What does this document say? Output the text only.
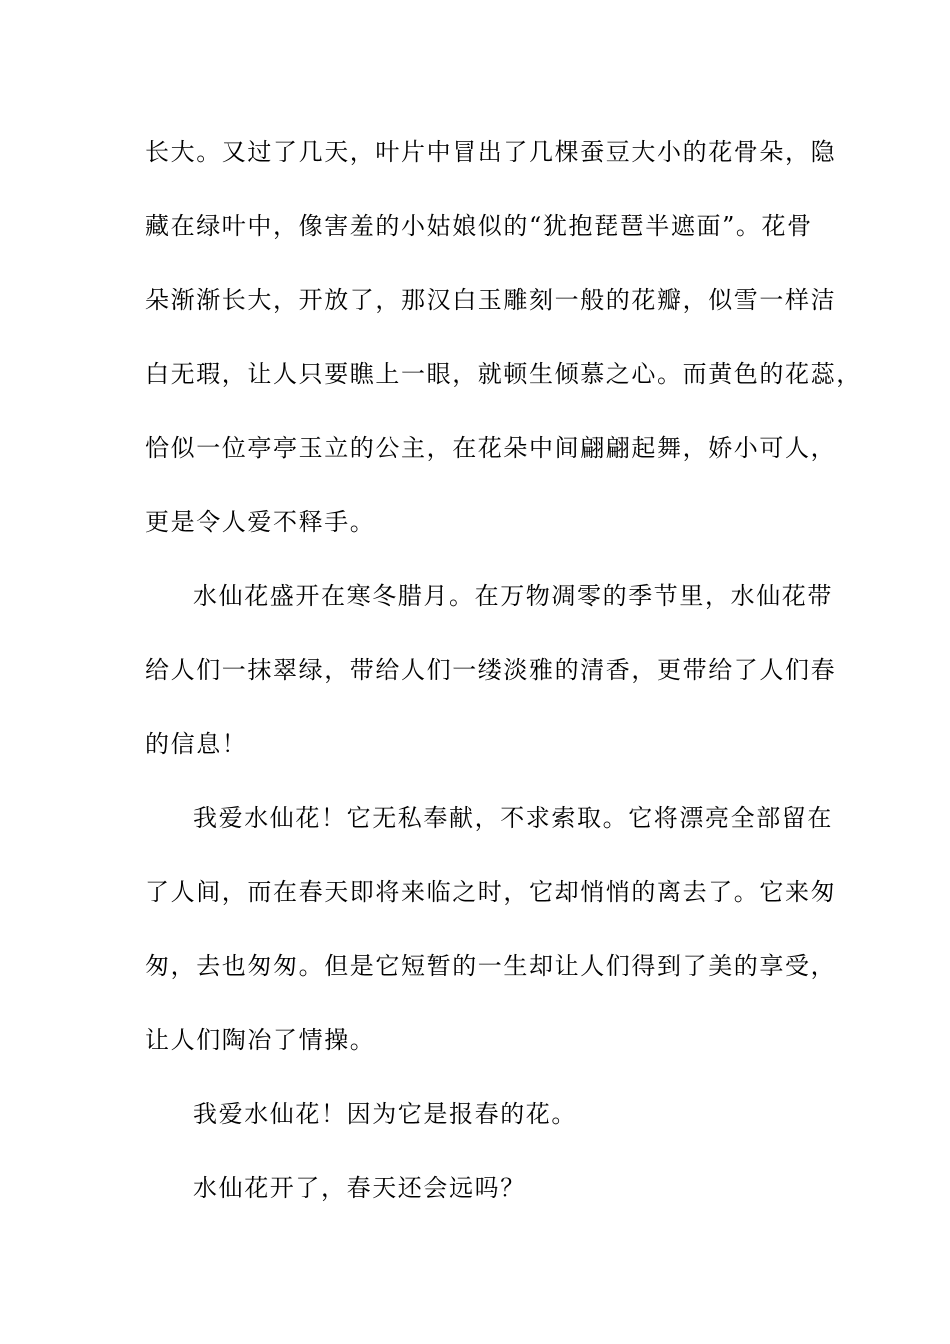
长大。又过了几天，叶片中冒出了几棵蚕豆大小的花骨朵，隐
藏在绿叶中，像害羞的小姑娘似的“犹抱琵琶半遮面”。花骨
朵渐渐长大，开放了，那汉白玉雕刻一般的花瓣，似雪一样洁
白无瑕，让人只要瞧上一眼，就顿生倾慕之心。而黄色的花蕊，
恰似一位亭亭玉立的公主，在花朵中间翩翩起舞，娇小可人，
更是令人爱不释手。
水仙花盛开在寒冬腊月。在万物凋零的季节里，水仙花带
给人们一抹翠绿，带给人们一缕淡雅的清香，更带给了人们春
的信息！
我爱水仙花！它无私奉献，不求索取。它将漂亮全部留在
了人间，而在春天即将来临之时，它却悄悄的离去了。它来匆
匆，去也匆匆。但是它短暂的一生却让人们得到了美的享受，
让人们陶冶了情操。
我爱水仙花！因为它是报春的花。
水仙花开了，春天还会远吗？
